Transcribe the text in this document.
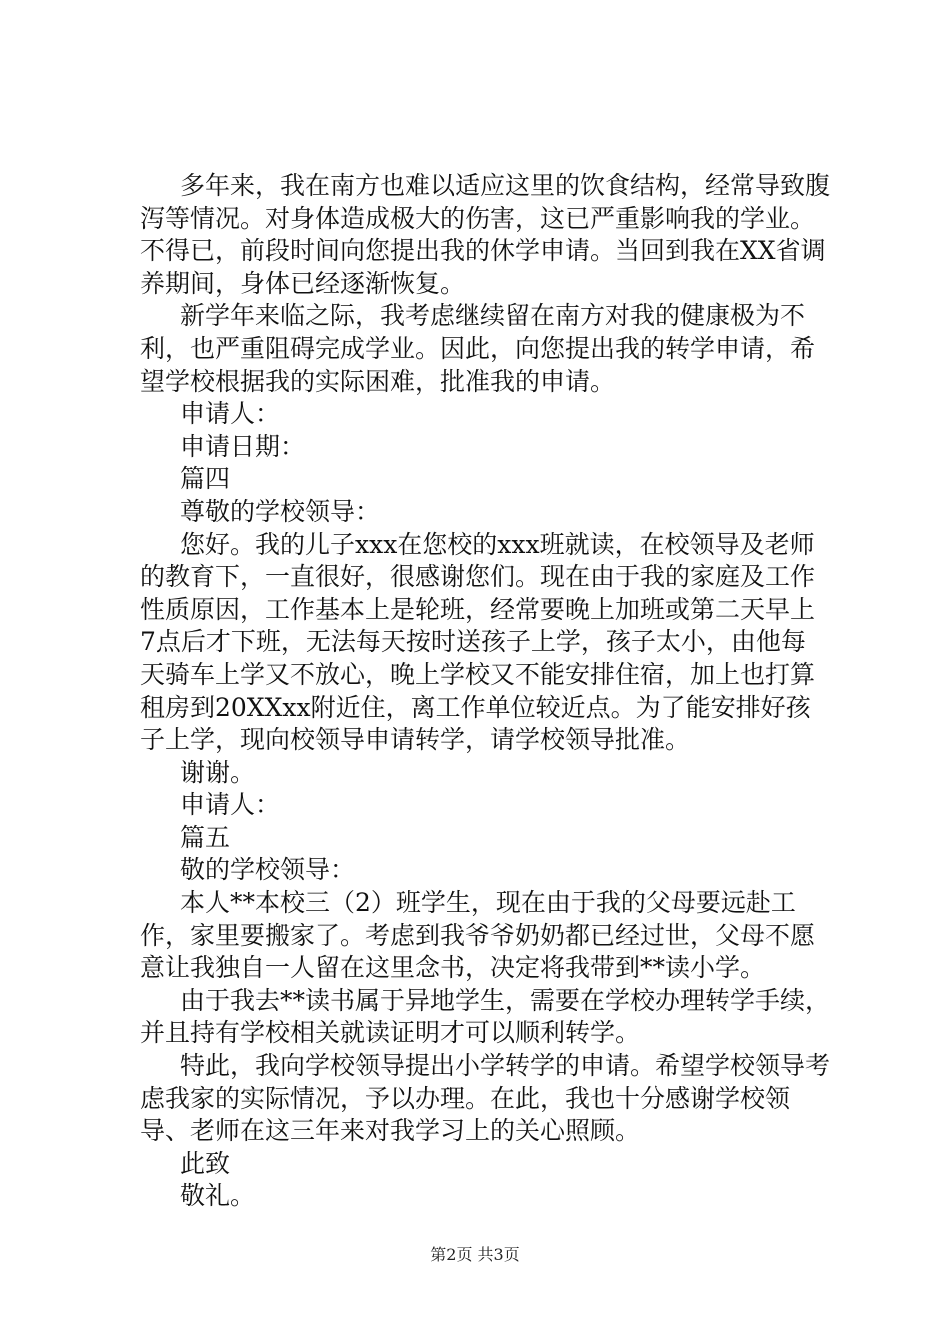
多年来，我在南方也难以适应这里的饮食结构，经常导致腹泻等情况。对身体造成极大的伤害，这已严重影响我的学业。不得已，前段时间向您提出我的休学申请。当回到我在XX省调养期间，身体已经逐渐恢复。

新学年来临之际，我考虑继续留在南方对我的健康极为不利，也严重阻碍完成学业。因此，向您提出我的转学申请，希望学校根据我的实际困难，批准我的申请。

申请人：

申请日期：

篇四

尊敬的学校领导：

您好。我的儿子xxx在您校的xxx班就读，在校领导及老师的教育下，一直很好，很感谢您们。现在由于我的家庭及工作性质原因，工作基本上是轮班，经常要晚上加班或第二天早上7点后才下班，无法每天按时送孩子上学，孩子太小，由他每天骑车上学又不放心，晚上学校又不能安排住宿，加上也打算租房到20XXxx附近住，离工作单位较近点。为了能安排好孩子上学，现向校领导申请转学，请学校领导批准。

谢谢。

申请人：

篇五

敬的学校领导：

本人**本校三（2）班学生，现在由于我的父母要远赴工作，家里要搬家了。考虑到我爷爷奶奶都已经过世，父母不愿意让我独自一人留在这里念书，决定将我带到**读小学。

由于我去**读书属于异地学生，需要在学校办理转学手续，并且持有学校相关就读证明才可以顺利转学。

特此，我向学校领导提出小学转学的申请。希望学校领导考虑我家的实际情况，予以办理。在此，我也十分感谢学校领导、老师在这三年来对我学习上的关心照顾。

此致

敬礼。

第2页 共3页
